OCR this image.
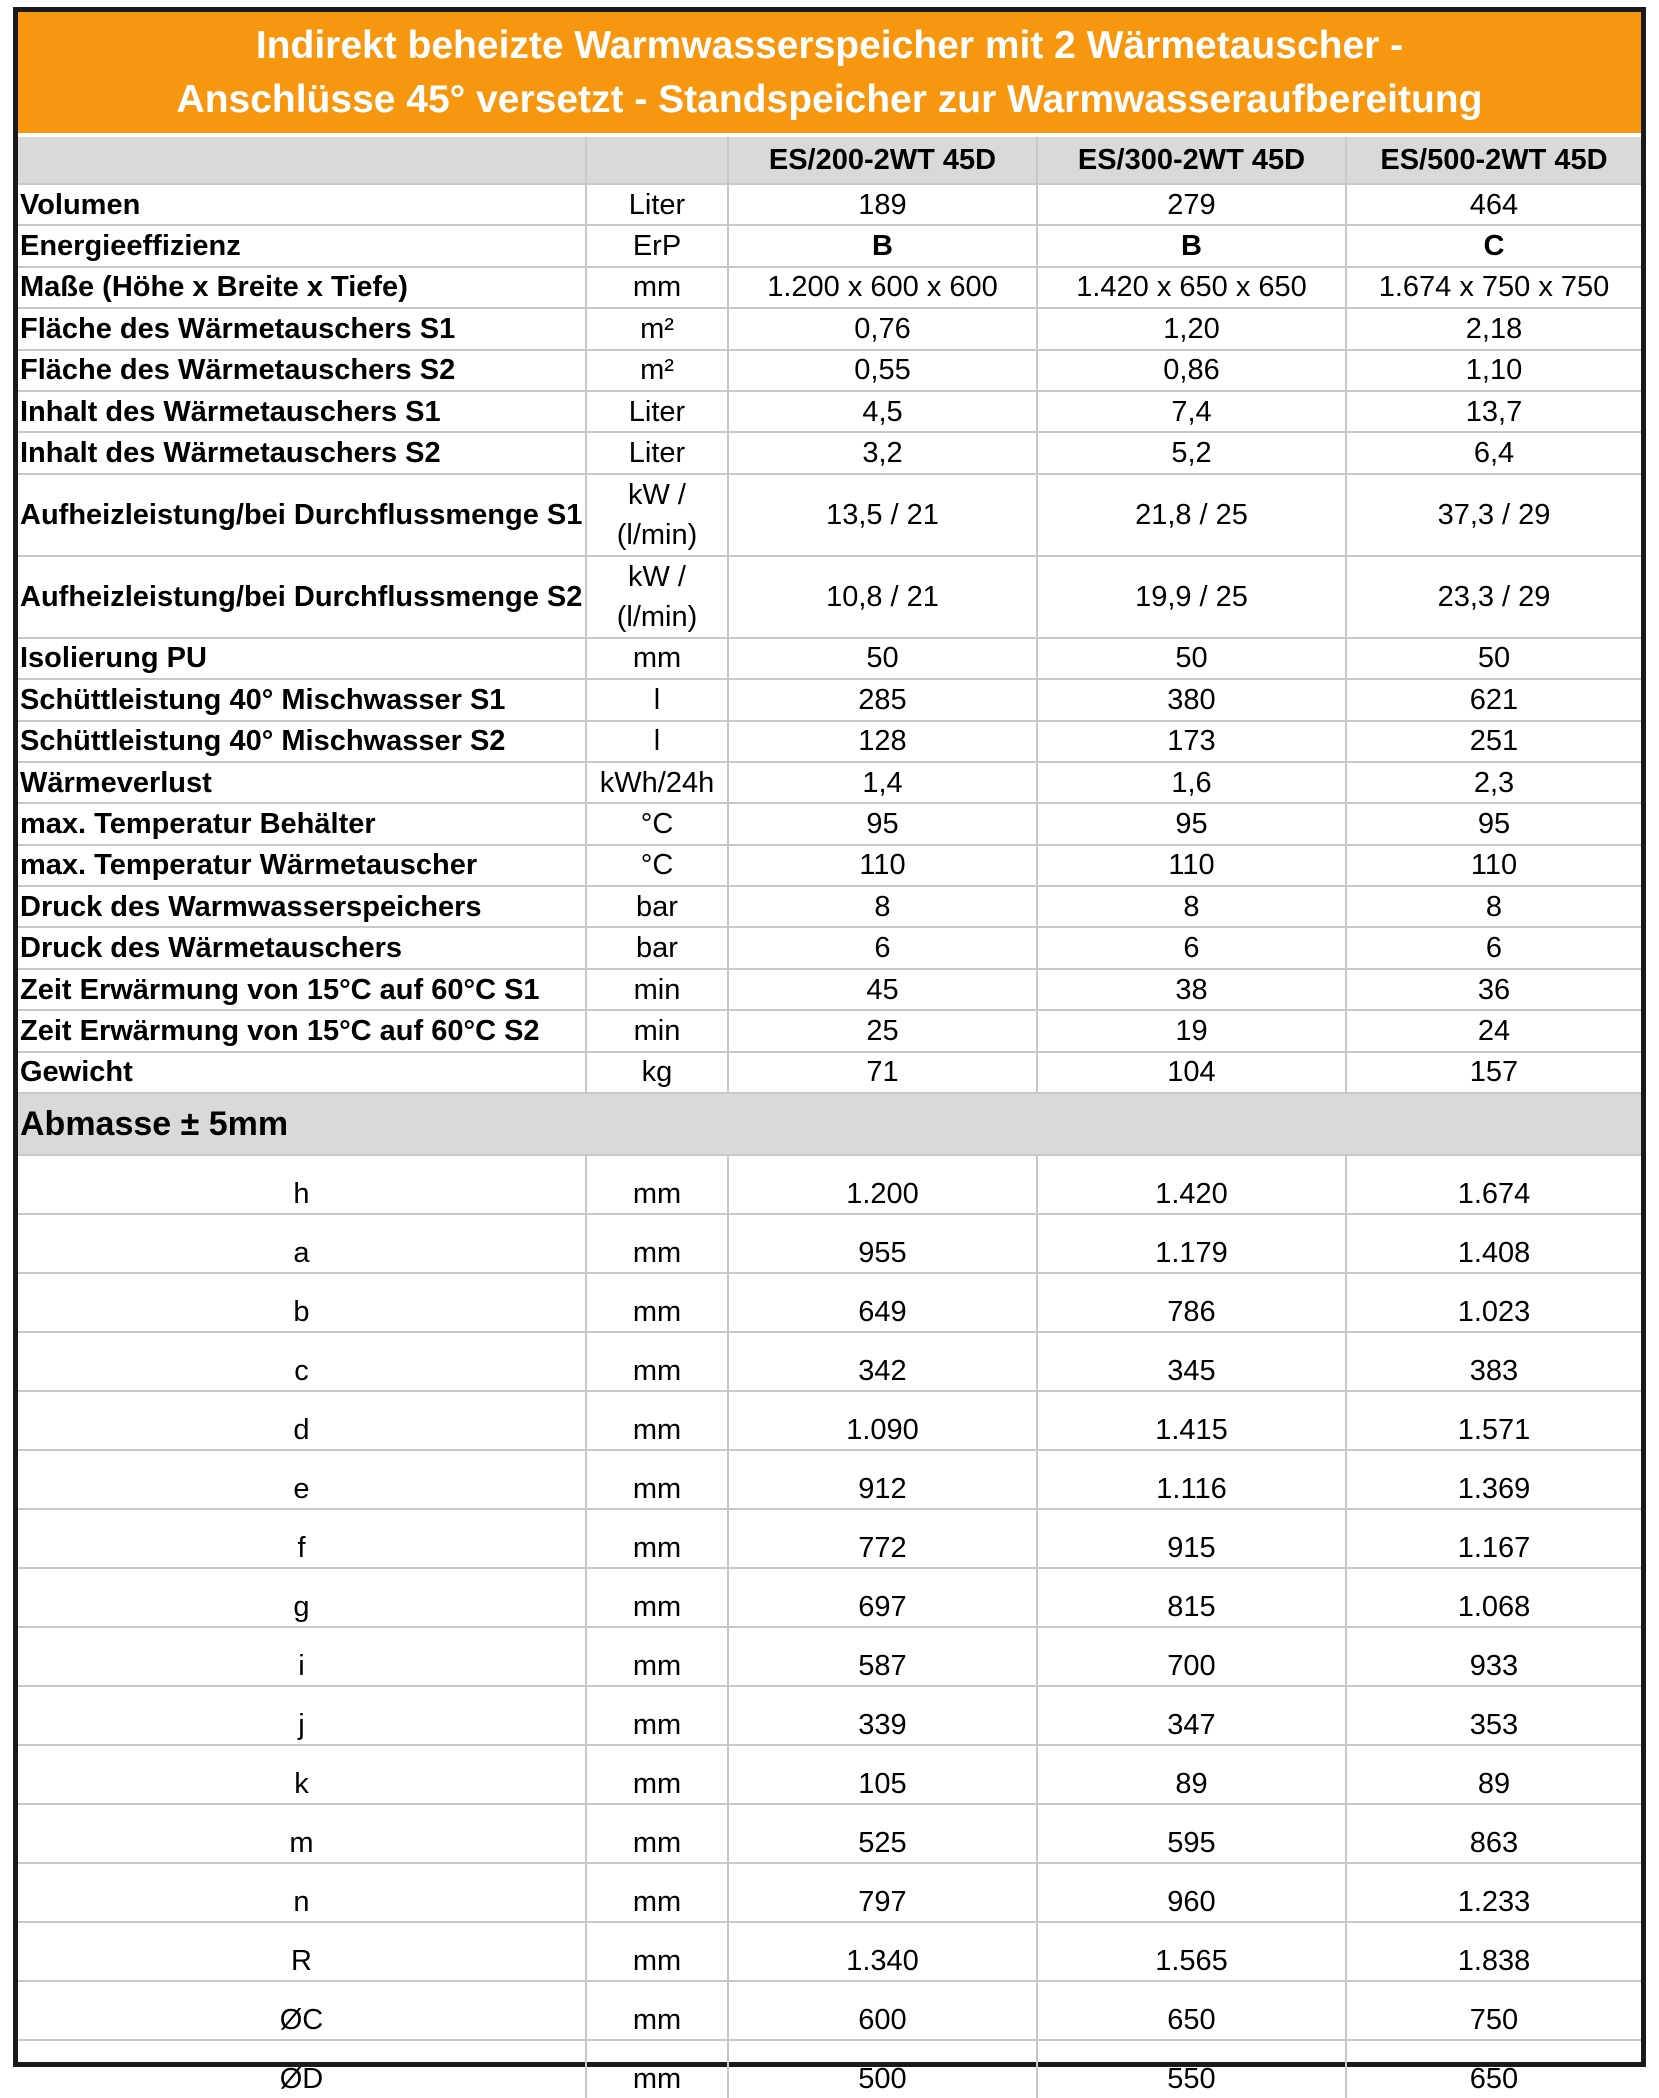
Indirekt beheizte Warmwasserspeicher mit 2 Wärmetauscher -
Anschlüsse 45° versetzt - Standspeicher zur Warmwasseraufbereitung
		ES/200-2WT 45D	ES/300-2WT 45D	ES/500-2WT 45D
Volumen	Liter	189	279	464
Energieeffizienz	ErP	B	B	C
Maße (Höhe x Breite x Tiefe)	mm	1.200 x 600 x 600	1.420 x 650 x 650	1.674 x 750 x 750
Fläche des Wärmetauschers S1	m²	0,76	1,20	2,18
Fläche des Wärmetauschers S2	m²	0,55	0,86	1,10
Inhalt des Wärmetauschers S1	Liter	4,5	7,4	13,7
Inhalt des Wärmetauschers S2	Liter	3,2	5,2	6,4
Aufheizleistung/bei Durchflussmenge S1	kW / (l/min)	13,5 / 21	21,8 / 25	37,3 / 29
Aufheizleistung/bei Durchflussmenge S2	kW / (l/min)	10,8 / 21	19,9 / 25	23,3 / 29
Isolierung PU	mm	50	50	50
Schüttleistung 40° Mischwasser S1	l	285	380	621
Schüttleistung 40° Mischwasser S2	l	128	173	251
Wärmeverlust	kWh/24h	1,4	1,6	2,3
max. Temperatur Behälter	°C	95	95	95
max. Temperatur Wärmetauscher	°C	110	110	110
Druck des Warmwasserspeichers	bar	8	8	8
Druck des Wärmetauschers	bar	6	6	6
Zeit Erwärmung von 15°C auf 60°C S1	min	45	38	36
Zeit Erwärmung von 15°C auf 60°C S2	min	25	19	24
Gewicht	kg	71	104	157
Abmasse ± 5mm				
h	mm	1.200	1.420	1.674
a	mm	955	1.179	1.408
b	mm	649	786	1.023
c	mm	342	345	383
d	mm	1.090	1.415	1.571
e	mm	912	1.116	1.369
f	mm	772	915	1.167
g	mm	697	815	1.068
i	mm	587	700	933
j	mm	339	347	353
k	mm	105	89	89
m	mm	525	595	863
n	mm	797	960	1.233
R	mm	1.340	1.565	1.838
ØC	mm	600	650	750
ØD	mm	500	550	650
